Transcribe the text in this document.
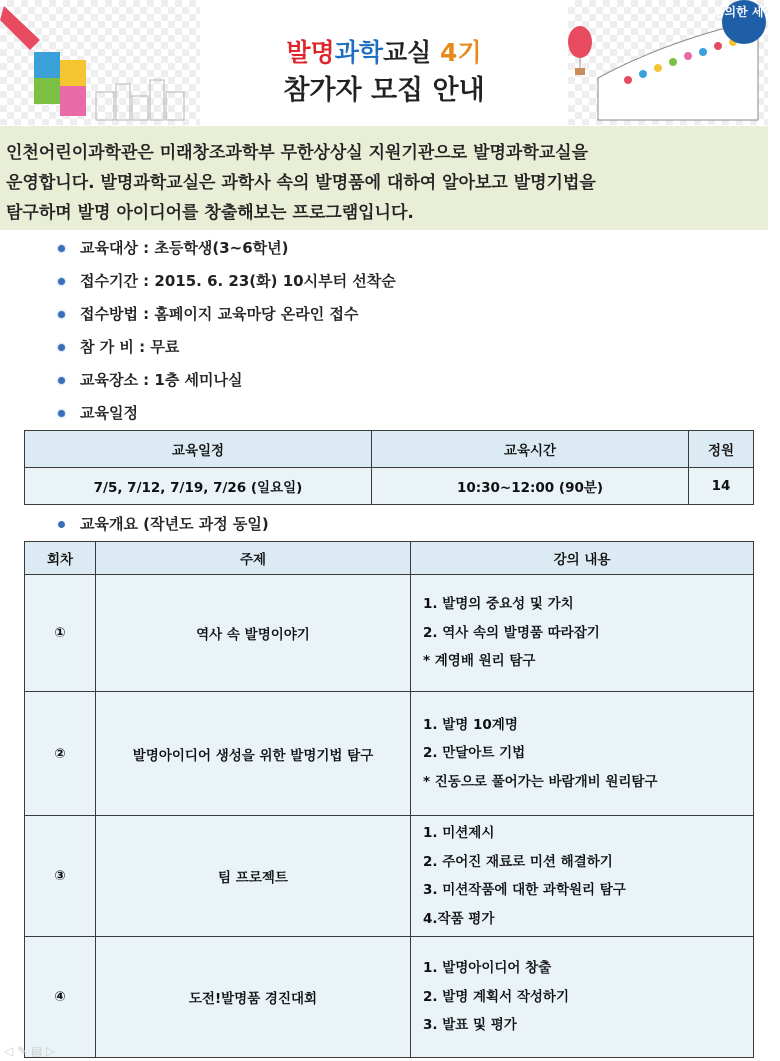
발명과학교실 4기
참가자 모집 안내
창의한 세상
인천어린이과학관은 미래창조과학부 무한상상실 지원기관으로 발명과학교실을
운영합니다. 발명과학교실은 과학사 속의 발명품에 대하여 알아보고 발명기법을
탐구하며 발명 아이디어를 창출해보는 프로그램입니다.
교육대상 : 초등학생(3~6학년)
접수기간 : 2015. 6. 23(화) 10시부터 선착순
접수방법 : 홈페이지 교육마당 온라인 접수
참 가 비 : 무료
교육장소 : 1층 세미나실
교육일정
교육일정	교육시간	정원
7/5, 7/12, 7/19, 7/26 (일요일)	10:30~12:00 (90분)	14
교육개요 (작년도 과정 동일)
회차	주제	강의 내용
①	역사 속 발명이야기	1. 발명의 중요성 및 가치
2. 역사 속의 발명품 따라잡기
* 계영배 원리 탐구

②	발명아이디어 생성을 위한 발명기법 탐구	1. 발명 10계명
2. 만달아트 기법
* 진동으로 풀어가는 바람개비 원리탐구

③	팀 프로젝트	1. 미션제시
2. 주어진 재료로 미션 해결하기
3. 미션작품에 대한 과학원리 탐구
4.작품 평가

④	도전!발명품 경진대회	1. 발명아이디어 창출
2. 발명 계획서 작성하기
3. 발표 및 평가
◁ ✎ ▤ ▷
